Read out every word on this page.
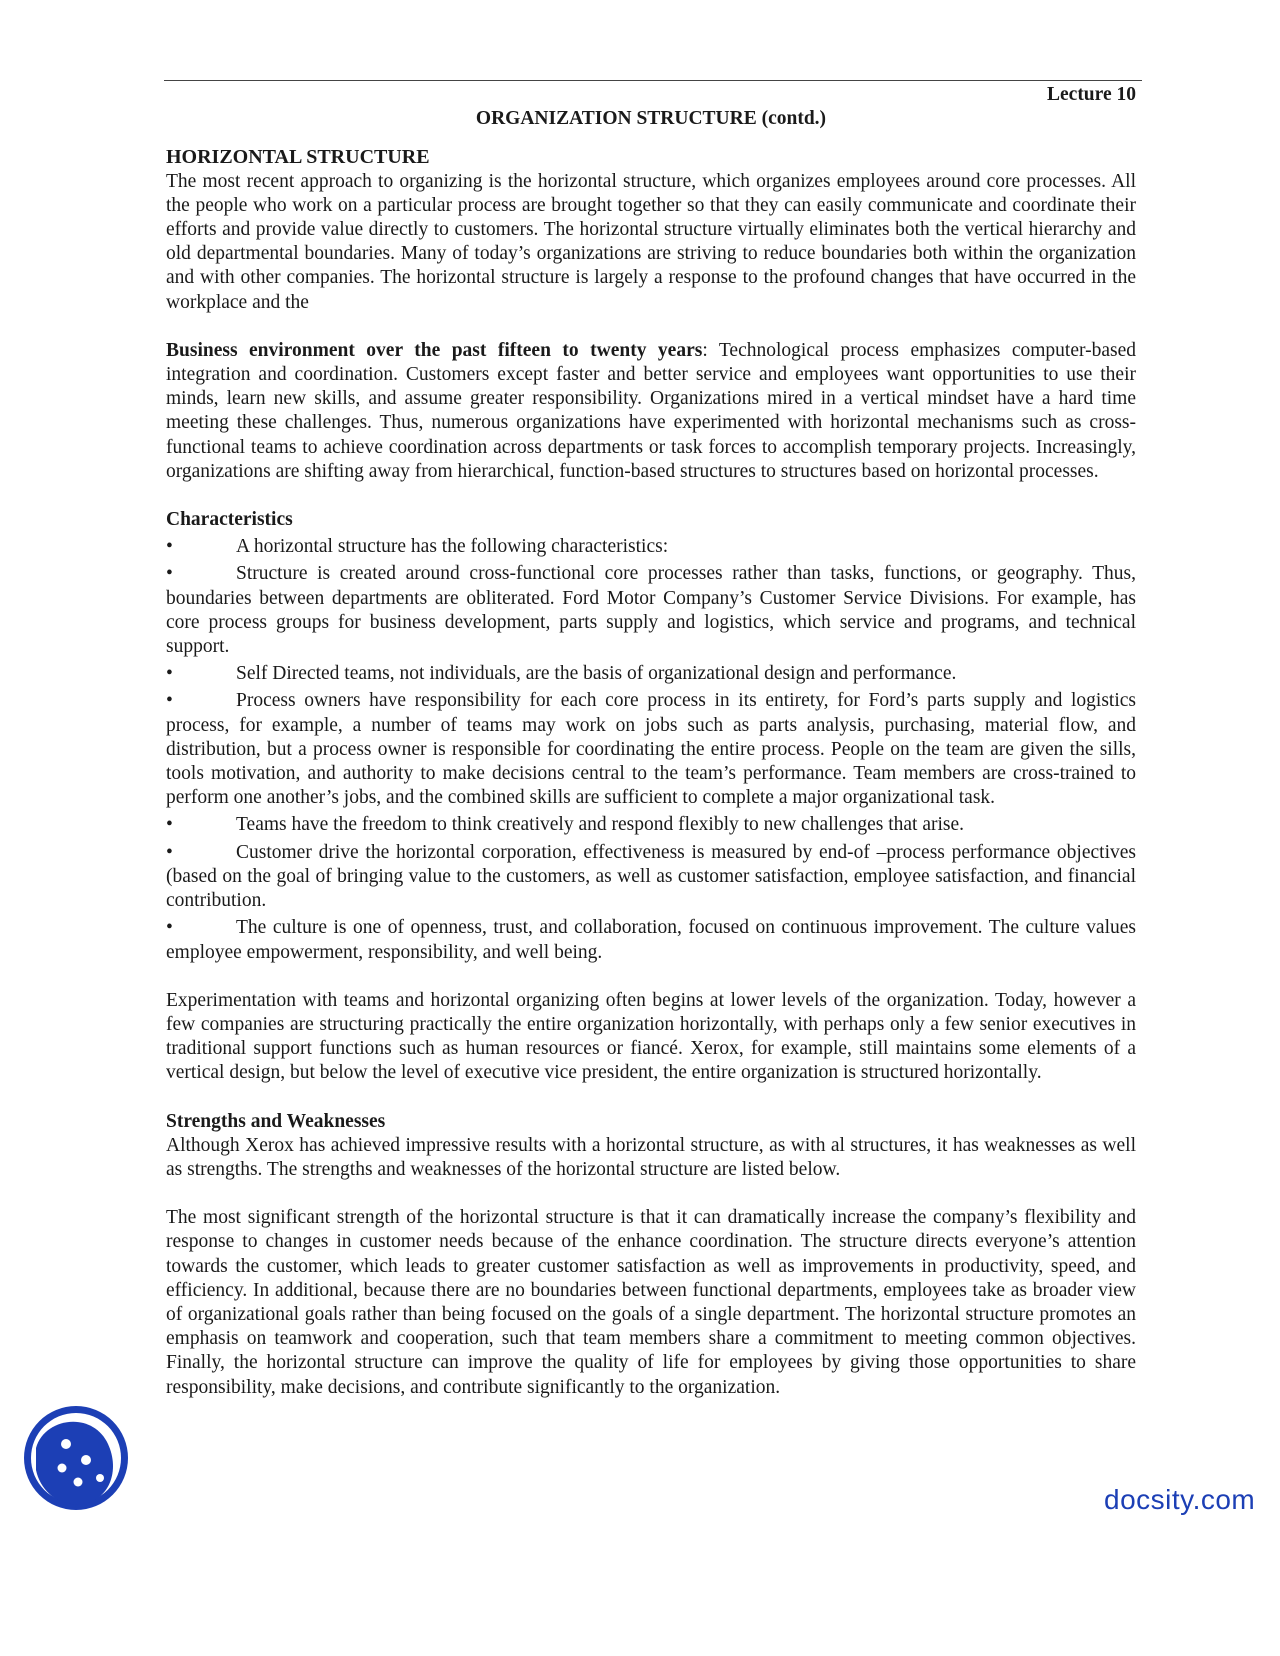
Lecture 10
ORGANIZATION STRUCTURE (contd.)
HORIZONTAL STRUCTURE

The most recent approach to organizing is the horizontal structure, which organizes employees around core processes. All the people who work on a particular process are brought together so that they can easily communicate and coordinate their efforts and provide value directly to customers. The horizontal structure virtually eliminates both the vertical hierarchy and old departmental boundaries. Many of today’s organizations are striving to reduce boundaries both within the organization and with other companies. The horizontal structure is largely a response to the profound changes that have occurred in the workplace and the

Business environment over the past fifteen to twenty years: Technological process emphasizes computer-based integration and coordination. Customers except faster and better service and employees want opportunities to use their minds, learn new skills, and assume greater responsibility. Organizations mired in a vertical mindset have a hard time meeting these challenges. Thus, numerous organizations have experimented with horizontal mechanisms such as cross-functional teams to achieve coordination across departments or task forces to accomplish temporary projects. Increasingly, organizations are shifting away from hierarchical, function-based structures to structures based on horizontal processes.

Characteristics
•	A horizontal structure has the following characteristics:
•	Structure is created around cross-functional core processes rather than tasks, functions, or geography. Thus, boundaries between departments are obliterated. Ford Motor Company’s Customer Service Divisions. For example, has core process groups for business development, parts supply and logistics, which service and programs, and technical support.
•	Self Directed teams, not individuals, are the basis of organizational design and performance.
•	Process owners have responsibility for each core process in its entirety, for Ford’s parts supply and logistics process, for example, a number of teams may work on jobs such as parts analysis, purchasing, material flow, and distribution, but a process owner is responsible for coordinating the entire process. People on the team are given the sills, tools motivation, and authority to make decisions central to the team’s performance. Team members are cross-trained to perform one another’s jobs, and the combined skills are sufficient to complete a major organizational task.
•	Teams have the freedom to think creatively and respond flexibly to new challenges that arise.
•	Customer drive the horizontal corporation, effectiveness is measured by end-of –process performance objectives (based on the goal of bringing value to the customers, as well as customer satisfaction, employee satisfaction, and financial contribution.
•	The culture is one of openness, trust, and collaboration, focused on continuous improvement. The culture values employee empowerment, responsibility, and well being.

Experimentation with teams and horizontal organizing often begins at lower levels of the organization. Today, however a few companies are structuring practically the entire organization horizontally, with perhaps only a few senior executives in traditional support functions such as human resources or fiancé. Xerox, for example, still maintains some elements of a vertical design, but below the level of executive vice president, the entire organization is structured horizontally.

Strengths and Weaknesses

Although Xerox has achieved impressive results with a horizontal structure, as with al structures, it has weaknesses as well as strengths. The strengths and weaknesses of the horizontal structure are listed below.

The most significant strength of the horizontal structure is that it can dramatically increase the company’s flexibility and response to changes in customer needs because of the enhance coordination. The structure directs everyone’s attention towards the customer, which leads to greater customer satisfaction as well as improvements in productivity, speed, and efficiency. In additional, because there are no boundaries between functional departments, employees take as broader view of organizational goals rather than being focused on the goals of a single department. The horizontal structure promotes an emphasis on teamwork and cooperation, such that team members share a commitment to meeting common objectives. Finally, the horizontal structure can improve the quality of life for employees by giving those opportunities to share responsibility, make decisions, and contribute significantly to the organization.

docsity.com
